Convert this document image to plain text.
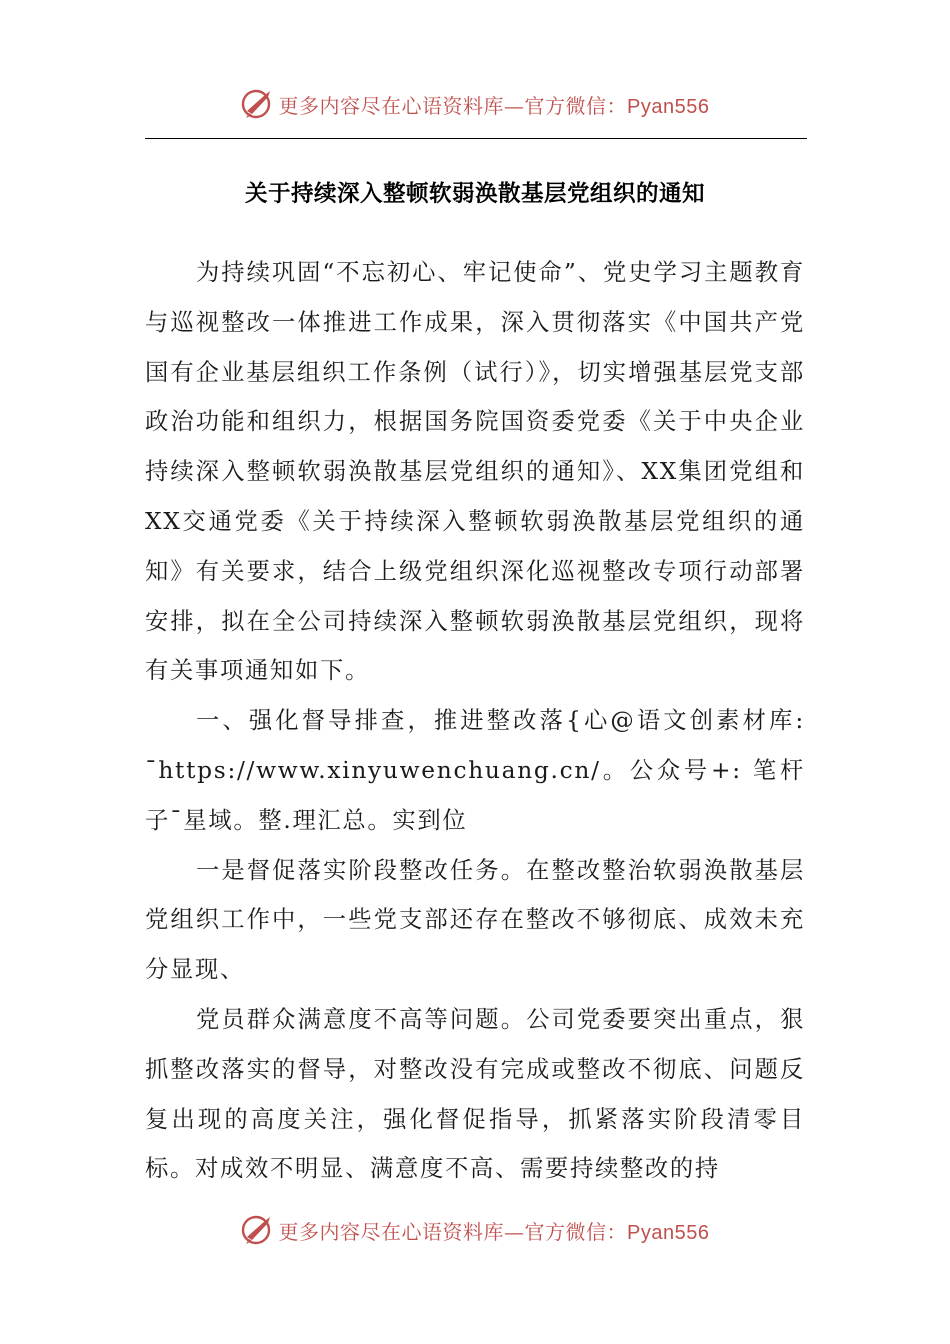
更多内容尽在心语资料库—官方微信：Pyan556
关于持续深入整顿软弱涣散基层党组织的通知

为持续巩固“不忘初心、牢记使命”、党史学习主题教育与巡视整改一体推进工作成果，深入贯彻落实《中国共产党国有企业基层组织工作条例（试行）》，切实增强基层党支部政治功能和组织力，根据国务院国资委党委《关于中央企业持续深入整顿软弱涣散基层党组织的通知》、XX集团党组和XX交通党委《关于持续深入整顿软弱涣散基层党组织的通知》有关要求，结合上级党组织深化巡视整改专项行动部署安排，拟在全公司持续深入整顿软弱涣散基层党组织，现将有关事项通知如下。

一、强化督导排查，推进整改落{心@语文创素材库: ¯https://www.xinyuwenchuang.cn/。公众号+: 笔杆子¯星域。整.理汇总。实到位

一是督促落实阶段整改任务。在整改整治软弱涣散基层党组织工作中，一些党支部还存在整改不够彻底、成效未充分显现、

党员群众满意度不高等问题。公司党委要突出重点，狠抓整改落实的督导，对整改没有完成或整改不彻底、问题反复出现的高度关注，强化督促指导，抓紧落实阶段清零目标。对成效不明显、满意度不高、需要持续整改的持

更多内容尽在心语资料库—官方微信：Pyan556
